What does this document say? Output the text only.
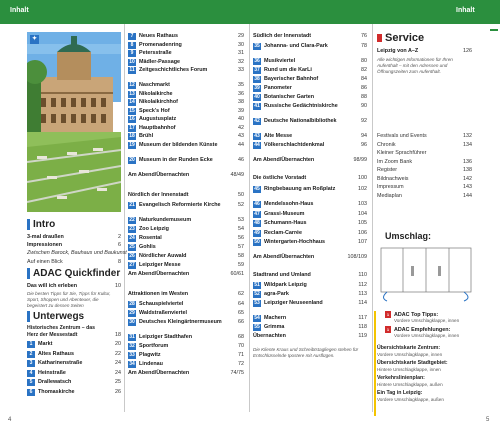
Inhalt	Inhalt
✦
Intro
3-mal draußen	2
Impressionen	6
Zwischen Barock, Bauhaus und Baukunst
Auf einen Blick	8
ADAC Quickfinder
Das will ich erleben	10
Die besten Tipps für Sie, Tipps für Kultur, Sport, Shoppen und Abenteuer, die begeistert zu dessen Seiten
Unterwegs
Historisches Zentrum – das Herz der Messestadt	18
1	Markt	20
2	Altes Rathaus	22
3	Katharinenstraße	24
4	Heinstraße	24
5	Drallewatsch	25
6	Thomaskirche	26
7	Neues Rathaus	29
8	Promenadenring	30
9	Petersstraße	31
10 Mädler-Passage	32
11 Zeitgeschichtliches Forum	33
12 Naschmarkt	35
13 Nikolaikirche	36
14 Nikolaikirchhof	38
15 Speck's Hof	39
16 Augustusplatz	40
17 Hauptbahnhof	42
18 Brühl	43
19 Museum der bildenden Künste	44
20 Museum in der Runden Ecke	46
Am Abend/Übernachten	48/49
Nördlich der Innenstadt	50
21 Evangelisch Reformierte Kirche	52
22 Naturkundemuseum	53
23 Zoo Leipzig	54
24 Rosental	56
25 Gohlis	57
26 Nördlicher Auwald	58
27 Leipziger Messe	59
Am Abend/Übernachten	60/61
Attraktionen im Westen	62
28 Schauspielviertel	64
29 Waldstraßenviertel	65
30 Deutsches Kleingärtnermuseum	66
31 Leipziger Stadthafen	68
32 Sportforum	70
33 Plagwitz	71
34 Lindenau	72
Am Abend/Übernachten	74/75
Südlich der Innenstadt	76
35 Johanna- und Clara-Park	78
36 Musikviertel	80
37 Rund um die KarLi	82
38 Bayerischer Bahnhof	84
39 Panometer	86
40 Botanischer Garten	88
41 Russische Gedächtniskirche	90
42 Deutsche Nationalbibliothek	92
43 Alte Messe	94
44 Völkerschlachtdenkmal	96
Am Abend/Übernachten	98/99
Die östliche Vorstadt	100
45 Ringbebauung am Roßplatz	102
46 Mendelssohn-Haus	103
47 Grassi-Museum	104
48 Schumann-Haus	105
49 Reclam-Carrée	106
50 Wintergarten-Hochhaus	107
Am Abend/Übernachten	108/109
Stadtrand und Umland	110
51 Wildpark Leipzig	112
52 agra-Park	113
53 Leipziger Neuseenland	114
54 Machern	117
55 Grimma	118
Übernachten	119
Die Kliente Kraus und Schreibtstagliegen stehen für Entschlüsselnde Ipostere mit Ausflügen.
Service
Leipzig von A–Z	126
Alle wichtigen Informationen für Ihren Aufenthalt – mit den Adressen und Öffnungszeiten zum Aufenthalt.
Festivals und Events	132
Chronik	134
Kleiner Sprachführer
Im Zoom Bank	136
Register	138
Bildnachweis	142
Impressum	143
Mediaplan	144
Umschlag:
1 ADAC Top Tipps:
Vordere Umschlagklappe, innen
1 ADAC Empfehlungen:
Vordere Umschlagklappe, innen
Übersichtskarte Zentrum:
Vordere Umschlagklappe, innen
Übersichtskarte Stadtgebiet:
Hintere Umschlagklappe, innen
Verkehrslinienplan:
Hintere Umschlagklappe, außen
Ein Tag in Leipzig:
Vordere Umschlagklappe, außen
4	5
